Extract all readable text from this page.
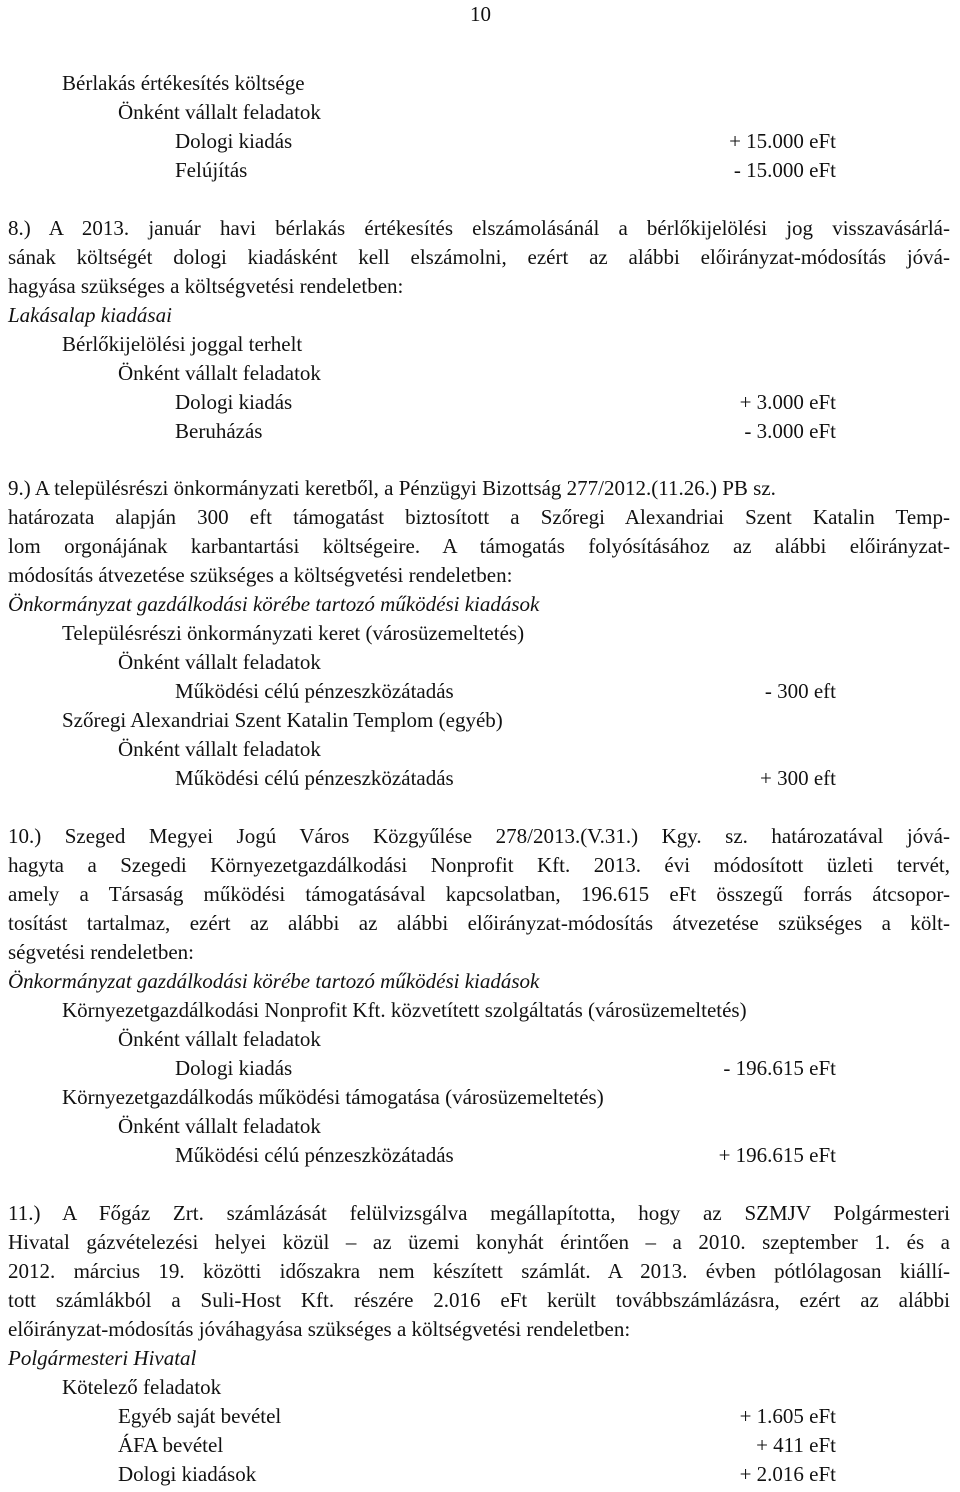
10
Bérlakás értékesítés költsége
Önként vállalt feladatok
Dologi kiadás	+ 15.000 eFt
Felújítás	- 15.000 eFt
8.) A 2013. január havi bérlakás értékesítés elszámolásánál a bérlőkijelölési jog visszavásárlá-
sának költségét dologi kiadásként kell elszámolni, ezért az alábbi előirányzat-módosítás jóvá-
hagyása szükséges a költségvetési rendeletben:
Lakásalap kiadásai
Bérlőkijelölési joggal terhelt
Önként vállalt feladatok
Dologi kiadás	+ 3.000 eFt
Beruházás	- 3.000 eFt
9.) A településrészi önkormányzati keretből, a Pénzügyi Bizottság 277/2012.(11.26.) PB sz.
határozata alapján 300 eft támogatást biztosított a Szőregi Alexandriai Szent Katalin Temp-
lom orgonájának karbantartási költségeire. A támogatás folyósításához az alábbi előirányzat-
módosítás átvezetése szükséges a költségvetési rendeletben:
Önkormányzat gazdálkodási körébe tartozó működési kiadások
Településrészi önkormányzati keret (városüzemeltetés)
Önként vállalt feladatok
Működési célú pénzeszközátadás	- 300 eft
Szőregi Alexandriai Szent Katalin Templom (egyéb)
Önként vállalt feladatok
Működési célú pénzeszközátadás	+ 300 eft
10.) Szeged Megyei Jogú Város Közgyűlése 278/2013.(V.31.) Kgy. sz. határozatával jóvá-
hagyta a Szegedi Környezetgazdálkodási Nonprofit Kft. 2013. évi módosított üzleti tervét,
amely a Társaság működési támogatásával kapcsolatban, 196.615 eFt összegű forrás átcsopor-
tosítást tartalmaz, ezért az alábbi az alábbi előirányzat-módosítás átvezetése szükséges a költ-
ségvetési rendeletben:
Önkormányzat gazdálkodási körébe tartozó működési kiadások
Környezetgazdálkodási Nonprofit Kft. közvetített szolgáltatás (városüzemeltetés)
Önként vállalt feladatok
Dologi kiadás	- 196.615 eFt
Környezetgazdálkodás működési támogatása (városüzemeltetés)
Önként vállalt feladatok
Működési célú pénzeszközátadás	+ 196.615 eFt
11.) A Főgáz Zrt. számlázását felülvizsgálva megállapította, hogy az SZMJV Polgármesteri
Hivatal gázvételezési helyei közül – az üzemi konyhát érintően – a 2010. szeptember 1. és a
2012. március 19. közötti időszakra nem készített számlát. A 2013. évben pótlólagosan kiállí-
tott számlákból a Suli-Host Kft. részére 2.016 eFt került továbbszámlázásra, ezért az alábbi
előirányzat-módosítás jóváhagyása szükséges a költségvetési rendeletben:
Polgármesteri Hivatal
Kötelező feladatok
Egyéb saját bevétel	+ 1.605 eFt
ÁFA bevétel	+ 411 eFt
Dologi kiadások	+ 2.016 eFt
